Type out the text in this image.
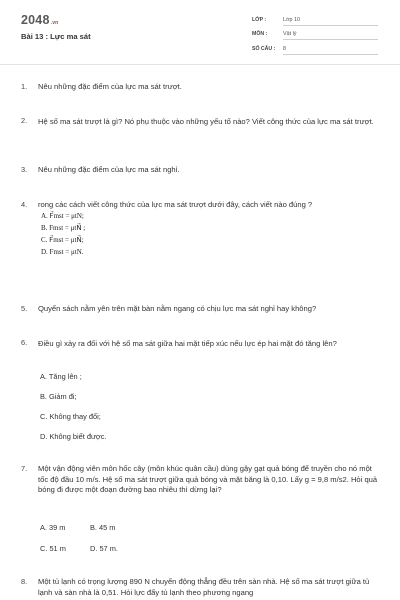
2048.vn
Bài 13 : Lực ma sát
LỚP :	Lớp 10
MÔN :	Vật lý
SỐ CÂU : 8
1. Nêu những đặc điểm của lực ma sát trượt.
2. Hệ số ma sát trượt là gì? Nó phụ thuộc vào những yếu tố nào? Viết công thức của lực ma sát trượt.
3. Nêu những đặc điểm của lực ma sát nghỉ.
4. rong các cách viết công thức của lực ma sát trượt dưới đây, cách viết nào đúng ?
A. F⃗mst = μtN;
B. Fmst = μtN⃗ ;
C. F⃗mst = μtN⃗;
D. Fmst = μtN.
5. Quyển sách nằm yên trên mặt bàn nằm ngang có chịu lực ma sát nghỉ hay không?
6. Điều gì xảy ra đối với hệ số ma sát giữa hai mặt tiếp xúc nếu lực ép hai mặt đó tăng lên?
A. Tăng lên ;
B. Giảm đi;
C. Không thay đổi;
D. Không biết được.
7. Một vận động viên môn hốc cây (môn khúc quân cầu) dùng gậy gạt quả bóng để truyền cho nó một tốc độ đầu 10 m/s. Hệ số ma sát trượt giữa quả bóng và mặt băng là 0,10. Lấy g = 9,8 m/s2. Hỏi quả bóng đi được một đoạn đường bao nhiêu thì dừng lại?
A. 39 m	B. 45 m
C. 51 m	D. 57 m.
8. Một tủ lạnh có trọng lượng 890 N chuyển động thẳng đều trên sàn nhà. Hệ số ma sát trượt giữa tủ lạnh và sàn nhà là 0,51. Hỏi lực đẩy tủ lạnh theo phương ngang
